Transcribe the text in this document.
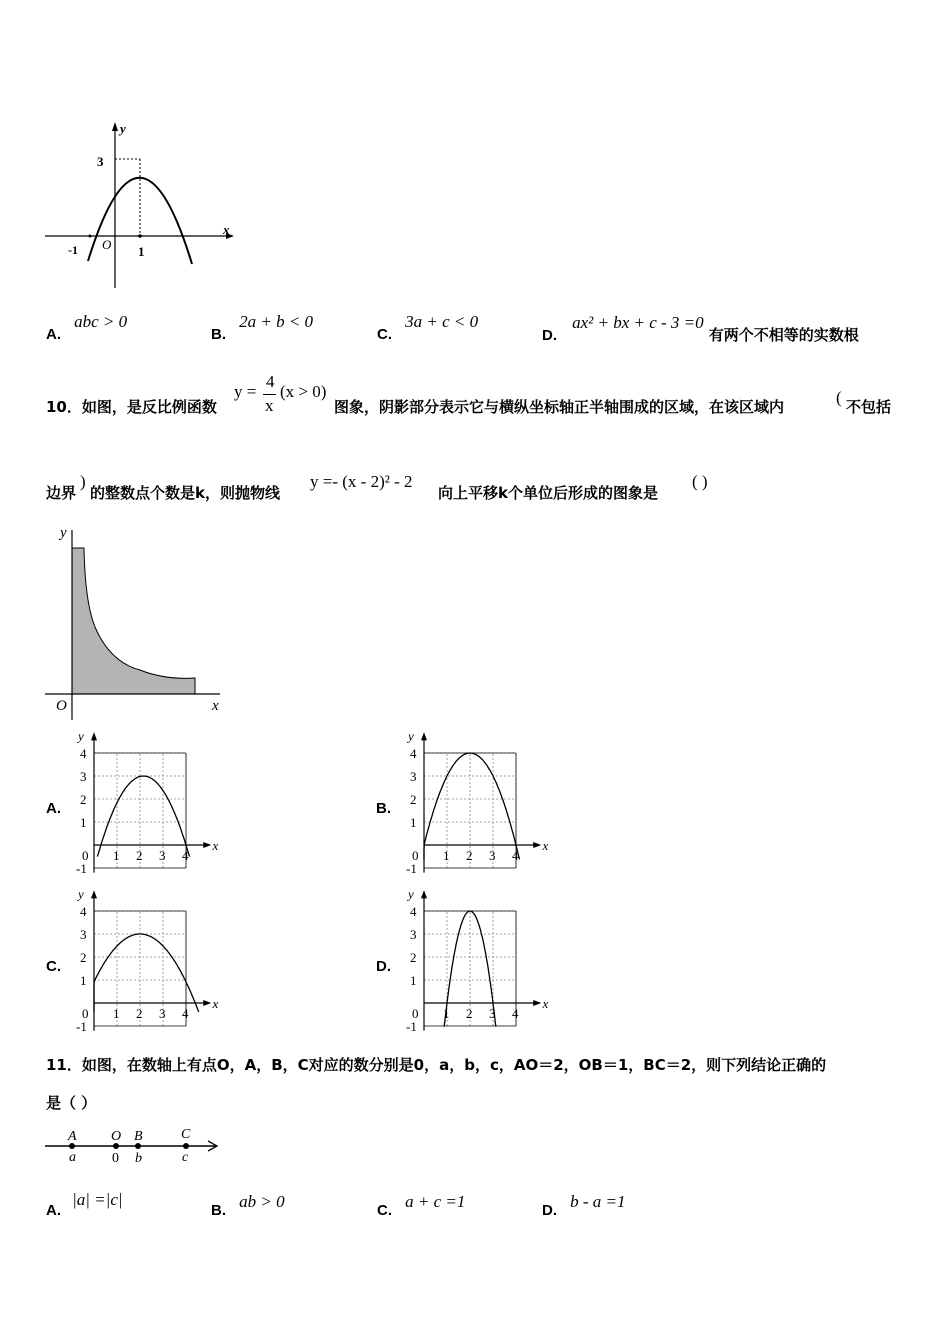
y
x
3
-1 O 1
A. abc > 0
B. 2a + b < 0
C. 3a + c < 0
D. ax² + bx + c - 3 =0 有两个不相等的实数根
10．如图，是反比例函数
y =
4
x
(x > 0)
图象，阴影部分表示它与横纵坐标轴正半轴围成的区域，在该区域内	( 不包括
边界
)
的整数点个数是k，则抛物线
y =- (x - 2)² - 2
向上平移k个单位后形成的图象是
( )
y
x
O
A.
y
x
4
3
2
1
1 2 3 4
0
-1
B.
y
x
4
3
2
1
1 2 3 4
0
-1
C.
y
x
4
3
2
1
1 2 3 4
0
-1
D.
y
x
4
3
2
1
1 2 3 4
0
-1
11．如图，在数轴上有点O，A，B，C对应的数分别是0，a，b，c，AO＝2，OB＝1，BC＝2，则下列结论正确的
是（ ）
A
a
O
0
B
b
C
c
A. |a| =|c|
B. ab > 0	C. a + c =1	D. b - a =1
